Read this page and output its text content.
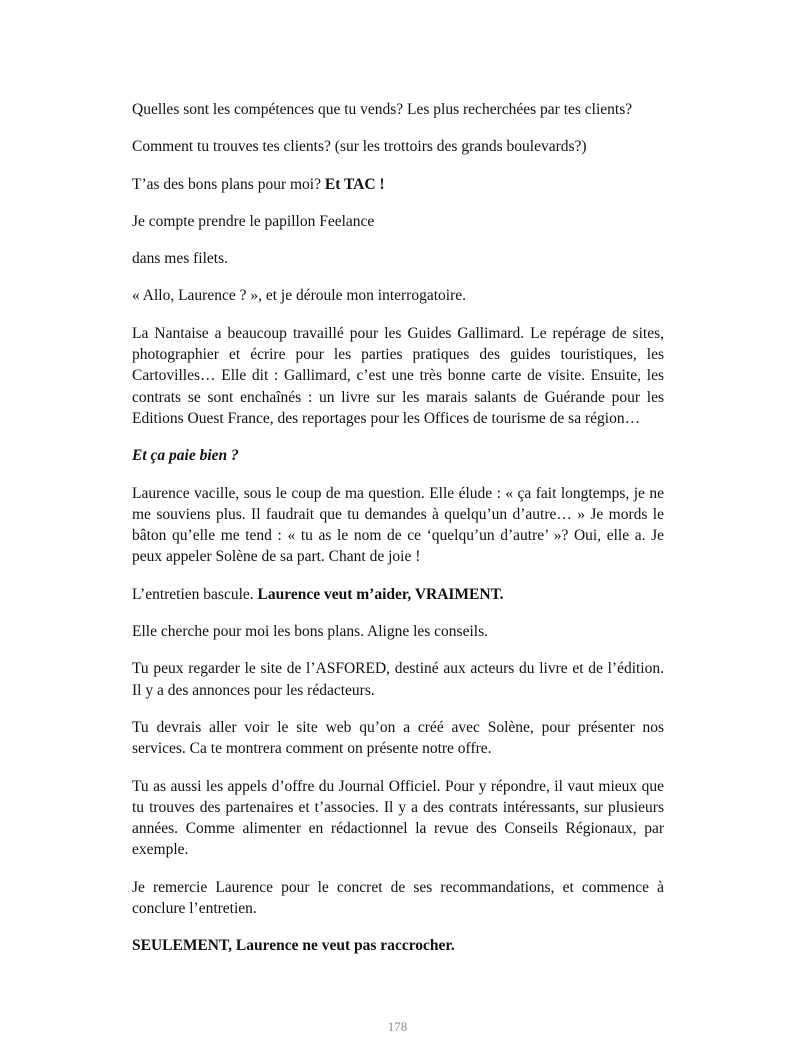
Quelles sont les compétences que tu vends? Les plus recherchées par tes clients?

Comment tu trouves tes clients? (sur les trottoirs des grands boulevards?)

T’as des bons plans pour moi? Et TAC !

Je compte prendre le papillon Feelance

dans mes filets.

« Allo, Laurence ? », et je déroule mon interrogatoire.

La Nantaise a beaucoup travaillé pour les Guides Gallimard. Le repérage de sites, photographier et écrire pour les parties pratiques des guides touristiques, les Cartovilles… Elle dit : Gallimard, c’est une très bonne carte de visite. Ensuite, les contrats se sont enchaînés : un livre sur les marais salants de Guérande pour les Editions Ouest France, des reportages pour les Offices de tourisme de sa région…

Et ça paie bien ?

Laurence vacille, sous le coup de ma question. Elle élude : « ça fait longtemps, je ne me souviens plus. Il faudrait que tu demandes à quelqu’un d’autre… » Je mords le bâton qu’elle me tend : « tu as le nom de ce ‘quelqu’un d’autre’ »? Oui, elle a. Je peux appeler Solène de sa part. Chant de joie !

L’entretien bascule. Laurence veut m’aider, VRAIMENT.

Elle cherche pour moi les bons plans. Aligne les conseils.

Tu peux regarder le site de l’ASFORED, destiné aux acteurs du livre et de l’édition. Il y a des annonces pour les rédacteurs.

Tu devrais aller voir le site web qu’on a créé avec Solène, pour présenter nos services. Ca te montrera comment on présente notre offre.

Tu as aussi les appels d’offre du Journal Officiel. Pour y répondre, il vaut mieux que tu trouves des partenaires et t’associes. Il y a des contrats intéressants, sur plusieurs années. Comme alimenter en rédactionnel la revue des Conseils Régionaux, par exemple.

Je remercie Laurence pour le concret de ses recommandations, et commence à conclure l’entretien.

SEULEMENT, Laurence ne veut pas raccrocher.

178
